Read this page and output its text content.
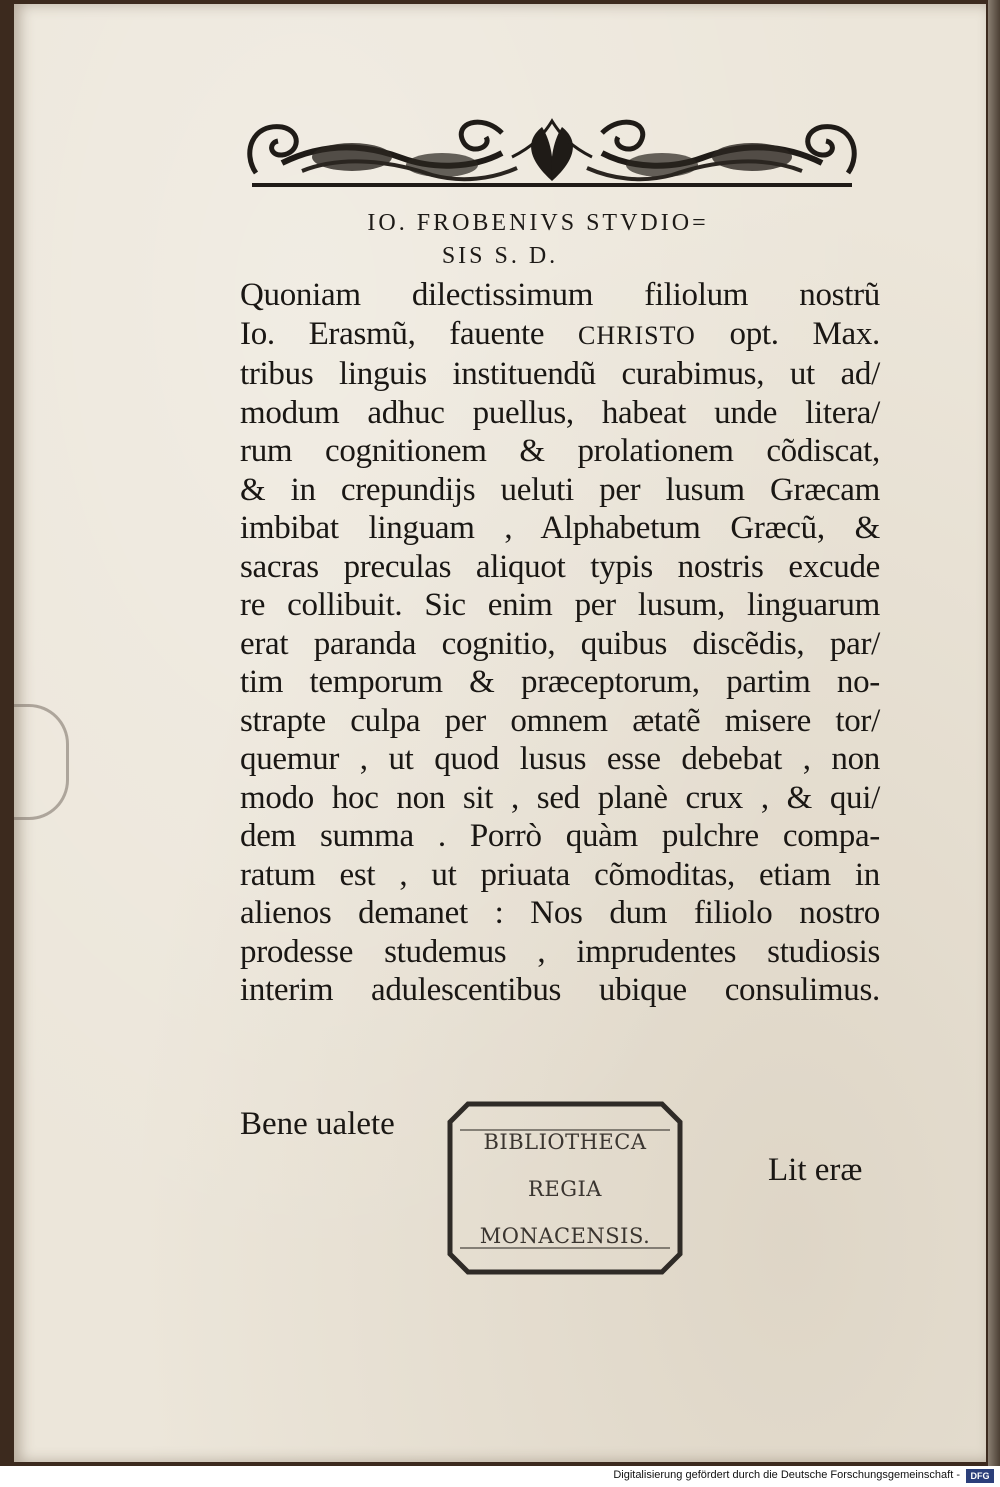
IO. FROBENIVS STVDIO=
SIS S. D.
Quoniam dilectissimum filiolum nostrũ
Io. Erasmũ, fauente CHRISTO opt. Max.
tribus linguis instituendũ curabimus, ut ad/
modum adhuc puellus, habeat unde litera/
rum cognitionem & prolationem cõdiscat,
& in crepundijs ueluti per lusum Græcam
imbibat linguam , Alphabetum Græcũ, &
sacras preculas aliquot typis nostris excude
re collibuit. Sic enim per lusum, linguarum
erat paranda cognitio, quibus discẽdis, par/
tim temporum & præceptorum, partim no-
strapte culpa per omnem ætatẽ misere tor/
quemur , ut quod lusus esse debebat , non
modo hoc non sit , sed planè crux , & qui/
dem summa . Porrò quàm pulchre compa-
ratum est , ut priuata cõmoditas, etiam in
alienos demanet : Nos dum filiolo nostro
prodesse studemus , imprudentes studiosis
interim adulescentibus ubique consulimus.
Bene ualete
Lit eræ
BIBLIOTHECA
REGIA
MONACENSIS.
Digitalisierung gefördert durch die Deutsche Forschungsgemeinschaft -	DFG
